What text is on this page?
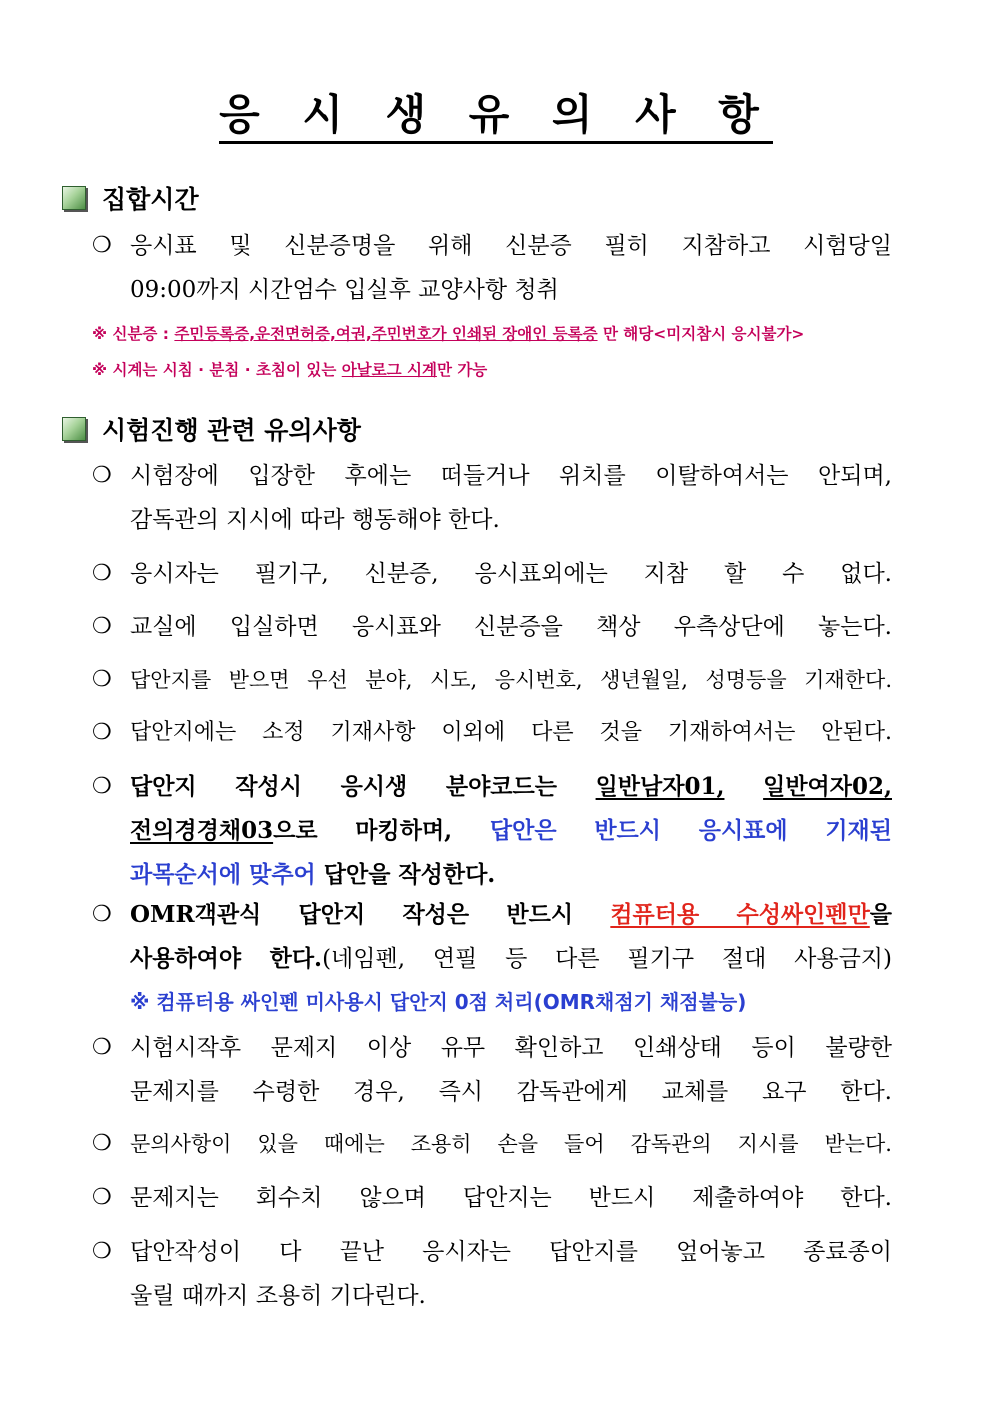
응 시 생 유 의 사 항
집합시간
❍ 응시표 및 신분증명을 위해 신분증 필히 지참하고 시험당일
09:00까지 시간엄수 입실후 교양사항 청취
※ 신분증 : 주민등록증,운전면허증,여권,주민번호가 인쇄된 장애인 등록증 만 해당<미지참시 응시불가>
※ 시계는 시침 · 분침 · 초침이 있는 아날로그 시계만 가능
시험진행 관련 유의사항
❍ 시험장에 입장한 후에는 떠들거나 위치를 이탈하여서는 안되며,
감독관의 지시에 따라 행동해야 한다.
❍ 응시자는 필기구, 신분증, 응시표외에는 지참 할 수 없다.
❍ 교실에 입실하면 응시표와 신분증을 책상 우측상단에 놓는다.
❍ 답안지를 받으면 우선 분야, 시도, 응시번호, 생년월일, 성명등을 기재한다.
❍ 답안지에는 소정 기재사항 이외에 다른 것을 기재하여서는 안된다.
❍ 답안지 작성시 응시생 분야코드는 일반남자01, 일반여자02,
전의경경채03으로 마킹하며, 답안은 반드시 응시표에 기재된
과목순서에 맞추어 답안을 작성한다.
❍ OMR객관식 답안지 작성은 반드시 컴퓨터용 수성싸인펜만을
사용하여야 한다.(네임펜, 연필 등 다른 필기구 절대 사용금지)
※ 컴퓨터용 싸인펜 미사용시 답안지 0점 처리(OMR채점기 채점불능)
❍ 시험시작후 문제지 이상 유무 확인하고 인쇄상태 등이 불량한
문제지를 수령한 경우, 즉시 감독관에게 교체를 요구 한다.
❍ 문의사항이 있을 때에는 조용히 손을 들어 감독관의 지시를 받는다.
❍ 문제지는 회수치 않으며 답안지는 반드시 제출하여야 한다.
❍ 답안작성이 다 끝난 응시자는 답안지를 엎어놓고 종료종이
울릴 때까지 조용히 기다린다.
